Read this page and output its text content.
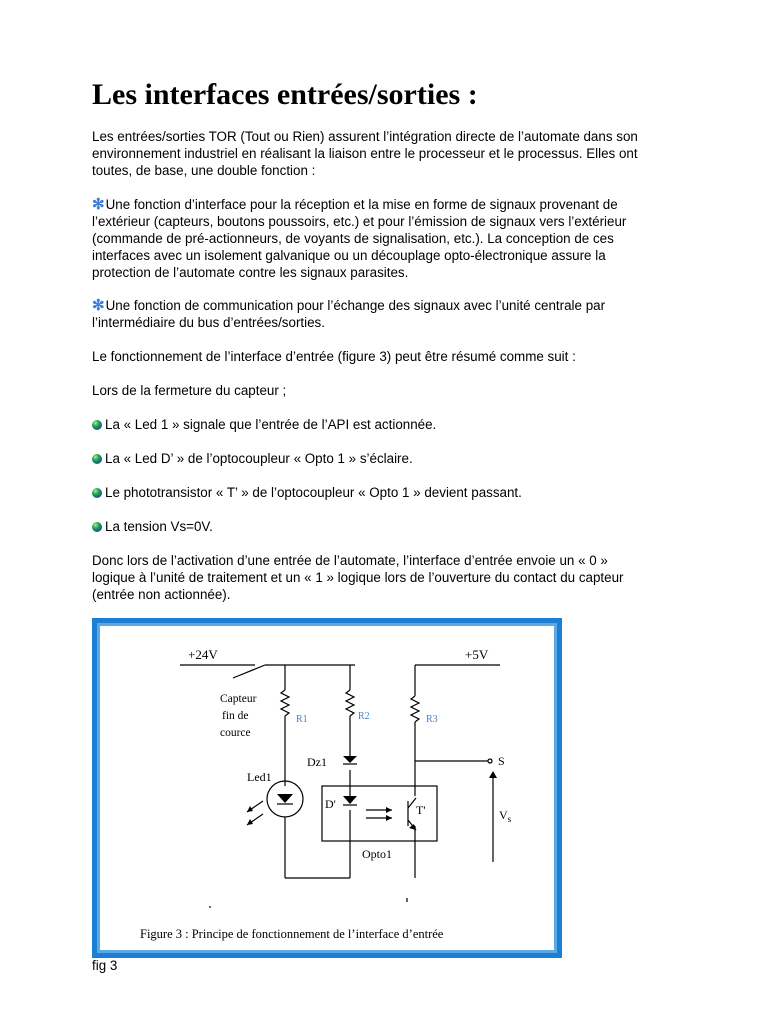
Les interfaces entrées/sorties :

Les entrées/sorties TOR (Tout ou Rien) assurent l’intégration directe de l’automate dans son
environnement industriel en réalisant la liaison entre le processeur et le processus. Elles ont
toutes, de base, une double fonction :

✻Une fonction d’interface pour la réception et la mise en forme de signaux provenant de
l’extérieur (capteurs, boutons poussoirs, etc.) et pour l’émission de signaux vers l’extérieur
(commande de pré-actionneurs, de voyants de signalisation, etc.). La conception de ces
interfaces avec un isolement galvanique ou un découplage opto-électronique assure la
protection de l’automate contre les signaux parasites.

✻Une fonction de communication pour l’échange des signaux avec l’unité centrale par
l’intermédiaire du bus d’entrées/sorties.

Le fonctionnement de l’interface d’entrée (figure 3) peut être résumé comme suit :

Lors de la fermeture du capteur ;

La « Led 1 » signale que l’entrée de l’API est actionnée.

La « Led D’ » de l’optocoupleur « Opto 1 » s’éclaire.

Le phototransistor « T’ » de l’optocoupleur « Opto 1 » devient passant.

La tension Vs=0V.

Donc lors de l’activation d’une entrée de l’automate, l’interface d’entrée envoie un « 0 »
logique à l’unité de traitement et un « 1 » logique lors de l’ouverture du contact du capteur
(entrée non actionnée).

+24V	+5V
Capteur
fin de
cource
R1	R2	R3
Dz1
Led1
D'	T'
Opto1
S
$V_s$
Figure 3 : Principe de fonctionnement de l’interface d’entrée
fig 3
